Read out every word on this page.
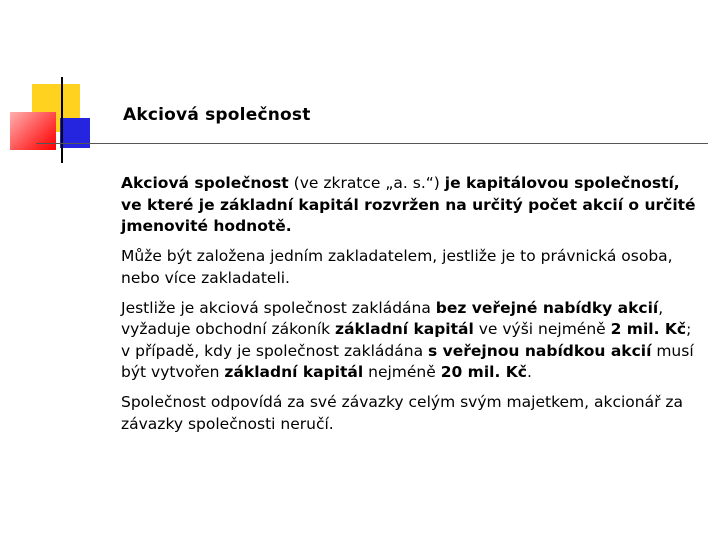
Akciová společnost

Akciová společnost (ve zkratce „a. s.“) je kapitálovou společností, ve které je základní kapitál rozvržen na určitý počet akcií o určité jmenovité hodnotě.

Může být založena jedním zakladatelem, jestliže je to právnická osoba, nebo více zakladateli.

Jestliže je akciová společnost zakládána bez veřejné nabídky akcií, vyžaduje obchodní zákoník základní kapitál ve výši nejméně 2 mil. Kč; v případě, kdy je společnost zakládána s veřejnou nabídkou akcií musí být vytvořen základní kapitál nejméně 20 mil. Kč.

Společnost odpovídá za své závazky celým svým majetkem, akcionář za závazky společnosti neručí.
